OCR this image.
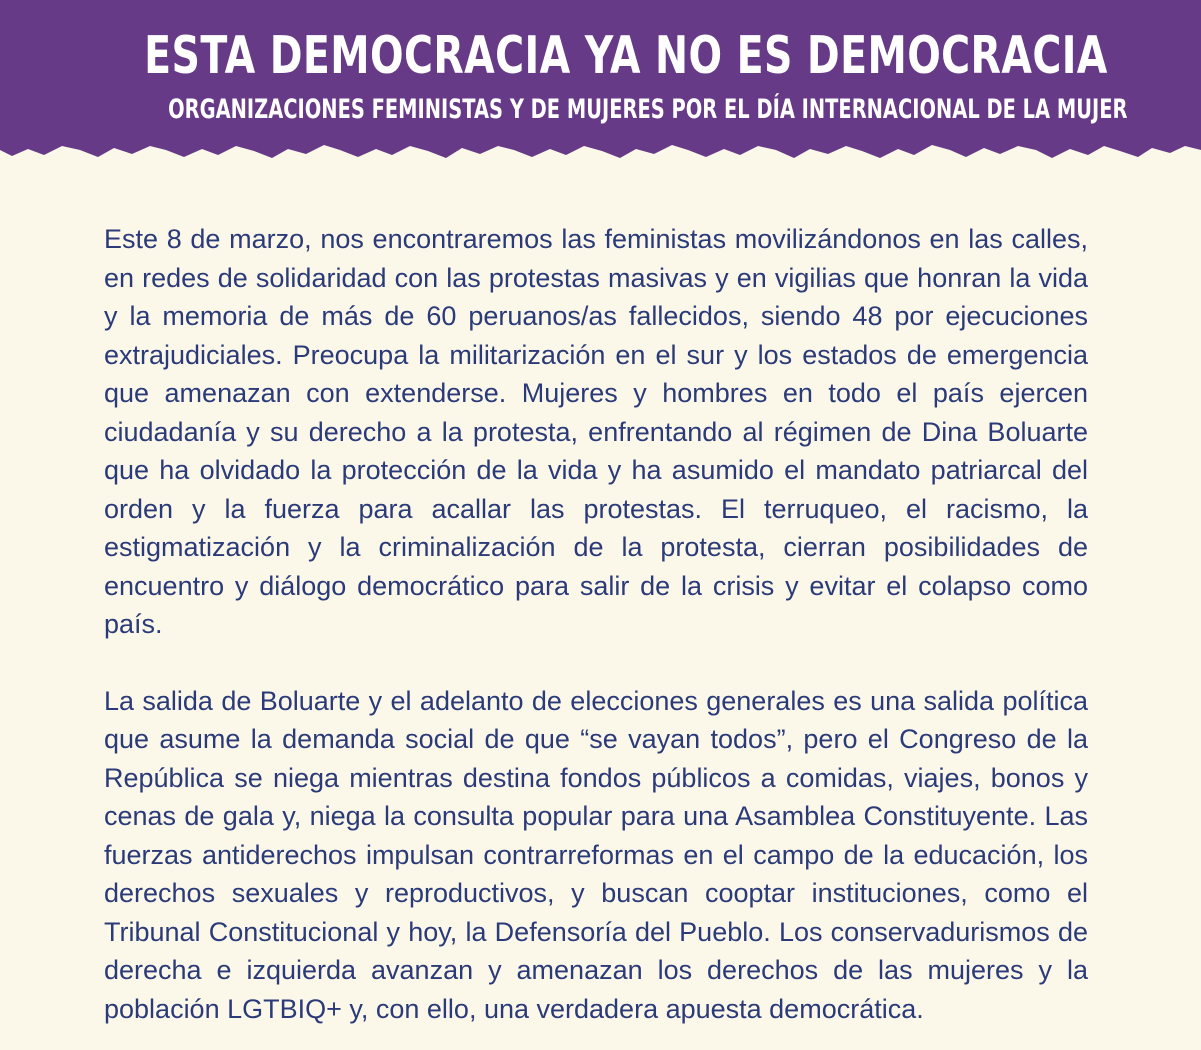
ESTA DEMOCRACIA YA NO ES DEMOCRACIA
ORGANIZACIONES FEMINISTAS Y DE MUJERES POR EL DÍA INTERNACIONAL DE LA MUJER

Este 8 de marzo, nos encontraremos las feministas movilizándonos en las calles, en redes de solidaridad con las protestas masivas y en vigilias que honran la vida y la memoria de más de 60 peruanos/as fallecidos, siendo 48 por ejecuciones extrajudiciales. Preocupa la militarización en el sur y los estados de emergencia que amenazan con extenderse. Mujeres y hombres en todo el país ejercen ciudadanía y su derecho a la protesta, enfrentando al régimen de Dina Boluarte que ha olvidado la protección de la vida y ha asumido el mandato patriarcal del orden y la fuerza para acallar las protestas. El terruqueo, el racismo, la estigmatización y la criminalización de la protesta, cierran posibilidades de encuentro y diálogo democrático para salir de la crisis y evitar el colapso como país.

La salida de Boluarte y el adelanto de elecciones generales es una salida política que asume la demanda social de que “se vayan todos”, pero el Congreso de la República se niega mientras destina fondos públicos a comidas, viajes, bonos y cenas de gala y, niega la consulta popular para una Asamblea Constituyente. Las fuerzas antiderechos impulsan contrarreformas en el campo de la educación, los derechos sexuales y reproductivos, y buscan cooptar instituciones, como el Tribunal Constitucional y hoy, la Defensoría del Pueblo. Los conservadurismos de derecha e izquierda avanzan y amenazan los derechos de las mujeres y la población LGTBIQ+ y, con ello, una verdadera apuesta democrática.
